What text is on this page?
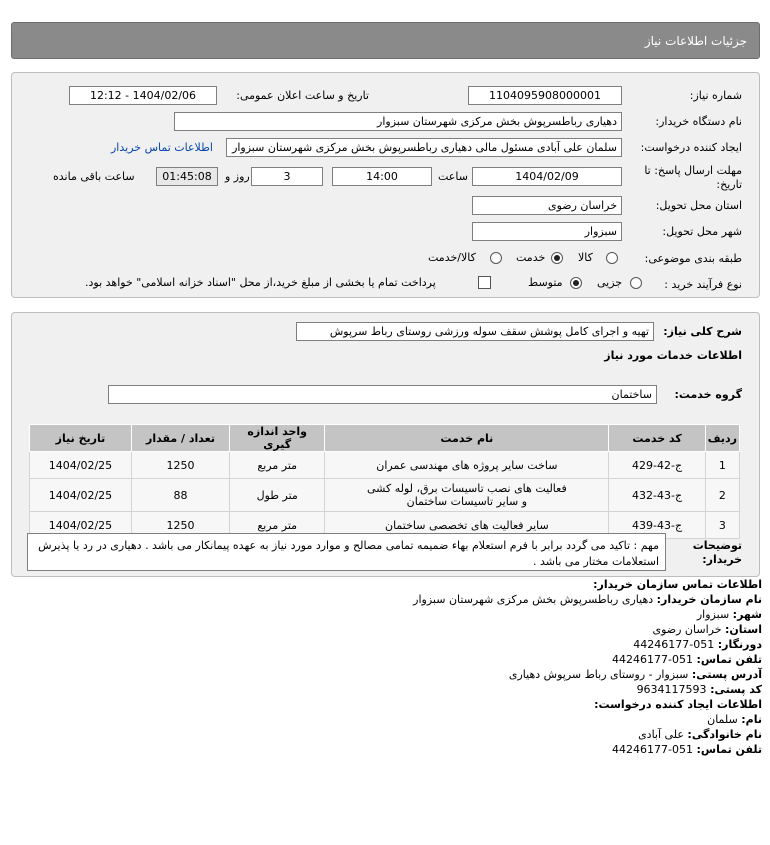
جزئیات اطلاعات نیاز
شماره نیاز:
1104095908000001
تاریخ و ساعت اعلان عمومی:
1404/02/06 - 12:12
نام دستگاه خریدار:
دهیاری رباطسرپوش بخش مرکزی شهرستان سبزوار
ایجاد کننده درخواست:
سلمان علی آبادی مسئول مالی دهیاری رباطسرپوش بخش مرکزی شهرستان سبزوار
اطلاعات تماس خریدار
مهلت ارسال پاسخ: تا
تاریخ:
1404/02/09
ساعت
14:00
3
روز و
01:45:08
ساعت باقی مانده
استان محل تحویل:
خراسان رضوی
شهر محل تحویل:
سبزوار
طبقه بندی موضوعی:
کالا
خدمت
کالا/خدمت
نوع فرآیند خرید :
جزیی
متوسط
پرداخت تمام یا بخشی از مبلغ خرید،از محل "اسناد خزانه اسلامی" خواهد بود.
شرح کلی نیاز:
تهیه و اجرای کامل پوشش سقف سوله ورزشی روستای رباط سرپوش
اطلاعات خدمات مورد نیاز
گروه خدمت:
ساختمان
ردیف	کد خدمت	نام خدمت	واحد اندازه گیری	تعداد / مقدار	تاریخ نیاز
1	ج-42-429	ساخت سایر پروژه های مهندسی عمران	متر مربع	1250	1404/02/25
2	ج-43-432	فعالیت های نصب تاسیسات برق، لوله کشی و سایر تاسیسات ساختمان	متر طول	88	1404/02/25
3	ج-43-439	سایر فعالیت های تخصصی ساختمان	متر مربع	1250	1404/02/25
توضیحات
خریدار:
مهم : تاکید می گردد برابر با فرم استعلام بهاء ضمیمه تمامی مصالح و موارد مورد نیاز به عهده پیمانکار می باشد . دهیاری در رد یا پذیرش استعلامات مختار می باشد .
اطلاعات تماس سازمان خریدار:
نام سازمان خریدار: دهیاری رباطسرپوش بخش مرکزی شهرستان سبزوار
شهر: سبزوار
استان: خراسان رضوی
دورنگار: 051-44246177
تلفن تماس: 051-44246177
آدرس پستی: سبزوار - روستای رباط سرپوش دهیاری
کد پستی: 9634117593
اطلاعات ایجاد کننده درخواست:
نام: سلمان
نام خانوادگی: علی آبادی
تلفن تماس: 051-44246177
